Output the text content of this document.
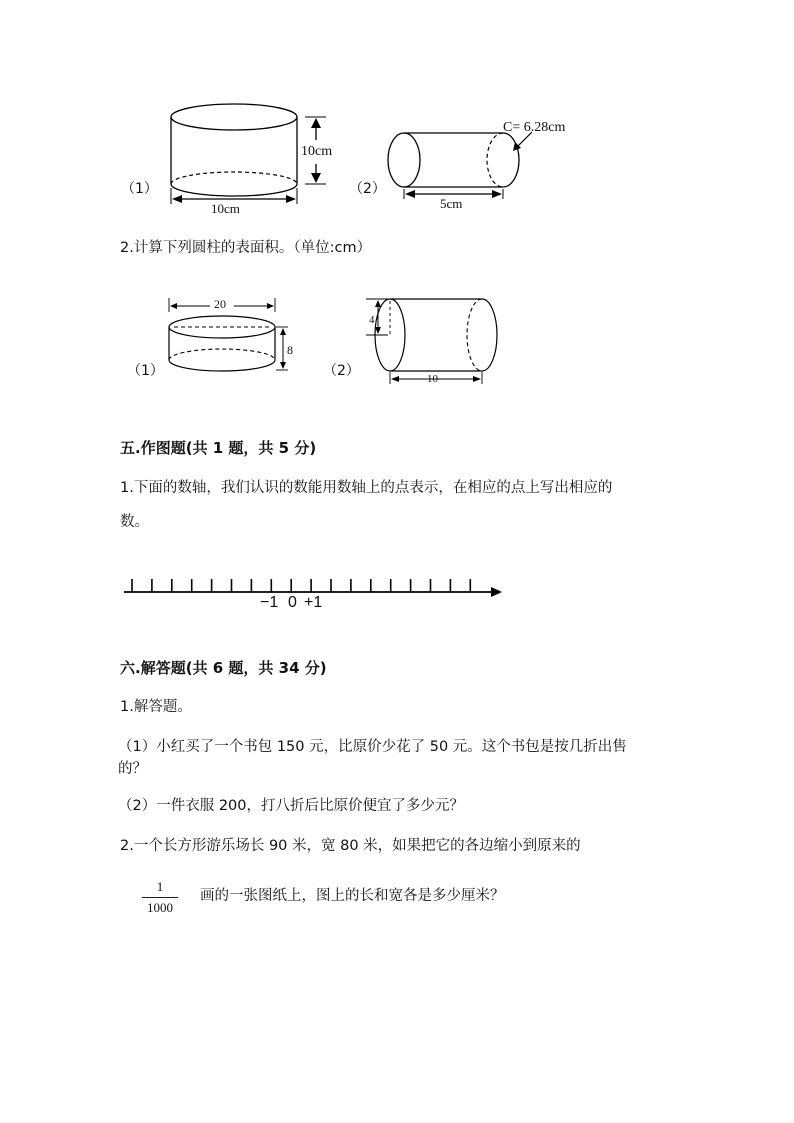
（1）
10cm
10cm
（2）
C= 6.28cm
5cm
2.计算下列圆柱的表面积。（单位:cm）
（1）
20
8
（2）
4
10
五.作图题(共 1 题，共 5 分)
1.下面的数轴，我们认识的数能用数轴上的点表示，在相应的点上写出相应的
数。
−1 0 +1
六.解答题(共 6 题，共 34 分)
1.解答题。
（1）小红买了一个书包 150 元，比原价少花了 50 元。这个书包是按几折出售
的？
（2）一件衣服 200，打八折后比原价便宜了多少元？
2.一个长方形游乐场长 90 米，宽 80 米，如果把它的各边缩小到原来的
1
1000
画的一张图纸上，图上的长和宽各是多少厘米？
